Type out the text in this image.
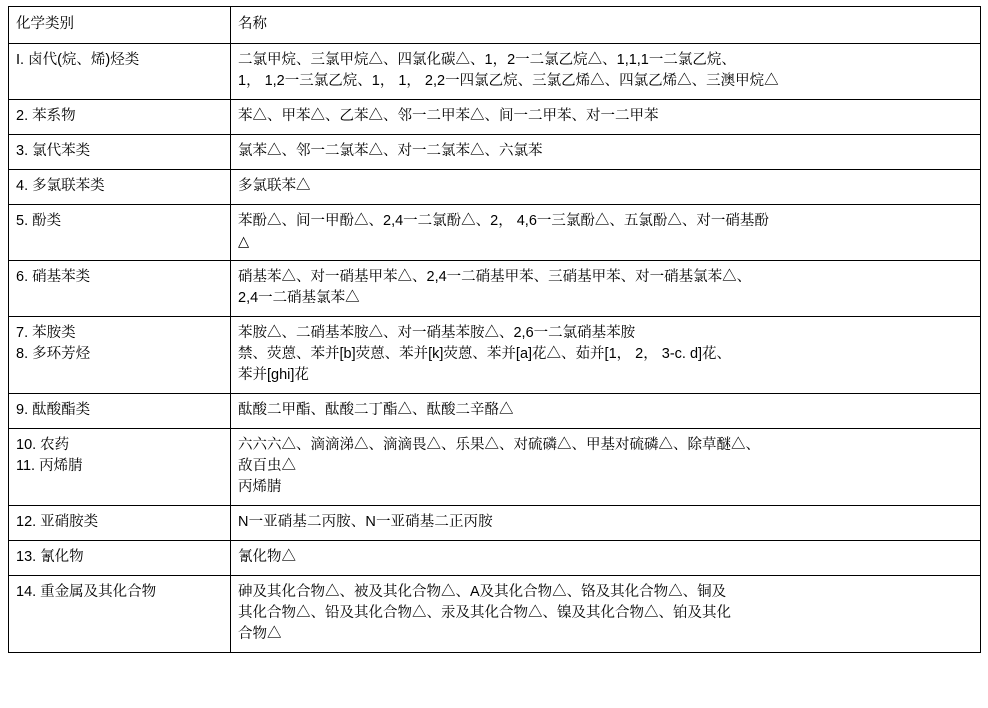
化学类别	名称

I. 卤代(烷、烯)烃类	二氯甲烷、三氯甲烷△、四氯化碳△、1，2一二氯乙烷△、1,1,1一二氯乙烷、
1， 1,2一三氯乙烷、1， 1， 2,2一四氯乙烷、三氯乙烯△、四氯乙烯△、三澳甲烷△

2. 苯系物	苯△、甲苯△、乙苯△、邻一二甲苯△、间一二甲苯、对一二甲苯

3. 氯代苯类	氯苯△、邻一二氯苯△、对一二氯苯△、六氯苯

4. 多氯联苯类	多氯联苯△

5. 酚类	苯酚△、间一甲酚△、2,4一二氯酚△、2， 4,6一三氯酚△、五氯酚△、对一硝基酚
△

6. 硝基苯类	硝基苯△、对一硝基甲苯△、2,4一二硝基甲苯、三硝基甲苯、对一硝基氯苯△、
2,4一二硝基氯苯△

7. 苯胺类
8. 多环芳烃	苯胺△、二硝基苯胺△、对一硝基苯胺△、2,6一二氯硝基苯胺
禁、荧蒽、苯并[b]荧蒽、苯并[k]荧蒽、苯并[a]花△、茹并[1， 2， 3-c. d]花、
苯并[ghi]花

9. 酞酸酯类	酞酸二甲酯、酞酸二丁酯△、酞酸二辛酪△

10. 农药
11. 丙烯腈	六六六△、滴滴涕△、滴滴畏△、乐果△、对硫磷△、甲基对硫磷△、除草醚△、
敌百虫△
丙烯腈

12. 亚硝胺类	N一亚硝基二丙胺、N一亚硝基二正丙胺

13. 氰化物	氰化物△

14. 重金属及其化合物	砷及其化合物△、被及其化合物△、A及其化合物△、铬及其化合物△、铜及
其化合物△、铅及其化合物△、汞及其化合物△、镍及其化合物△、铂及其化
合物△
